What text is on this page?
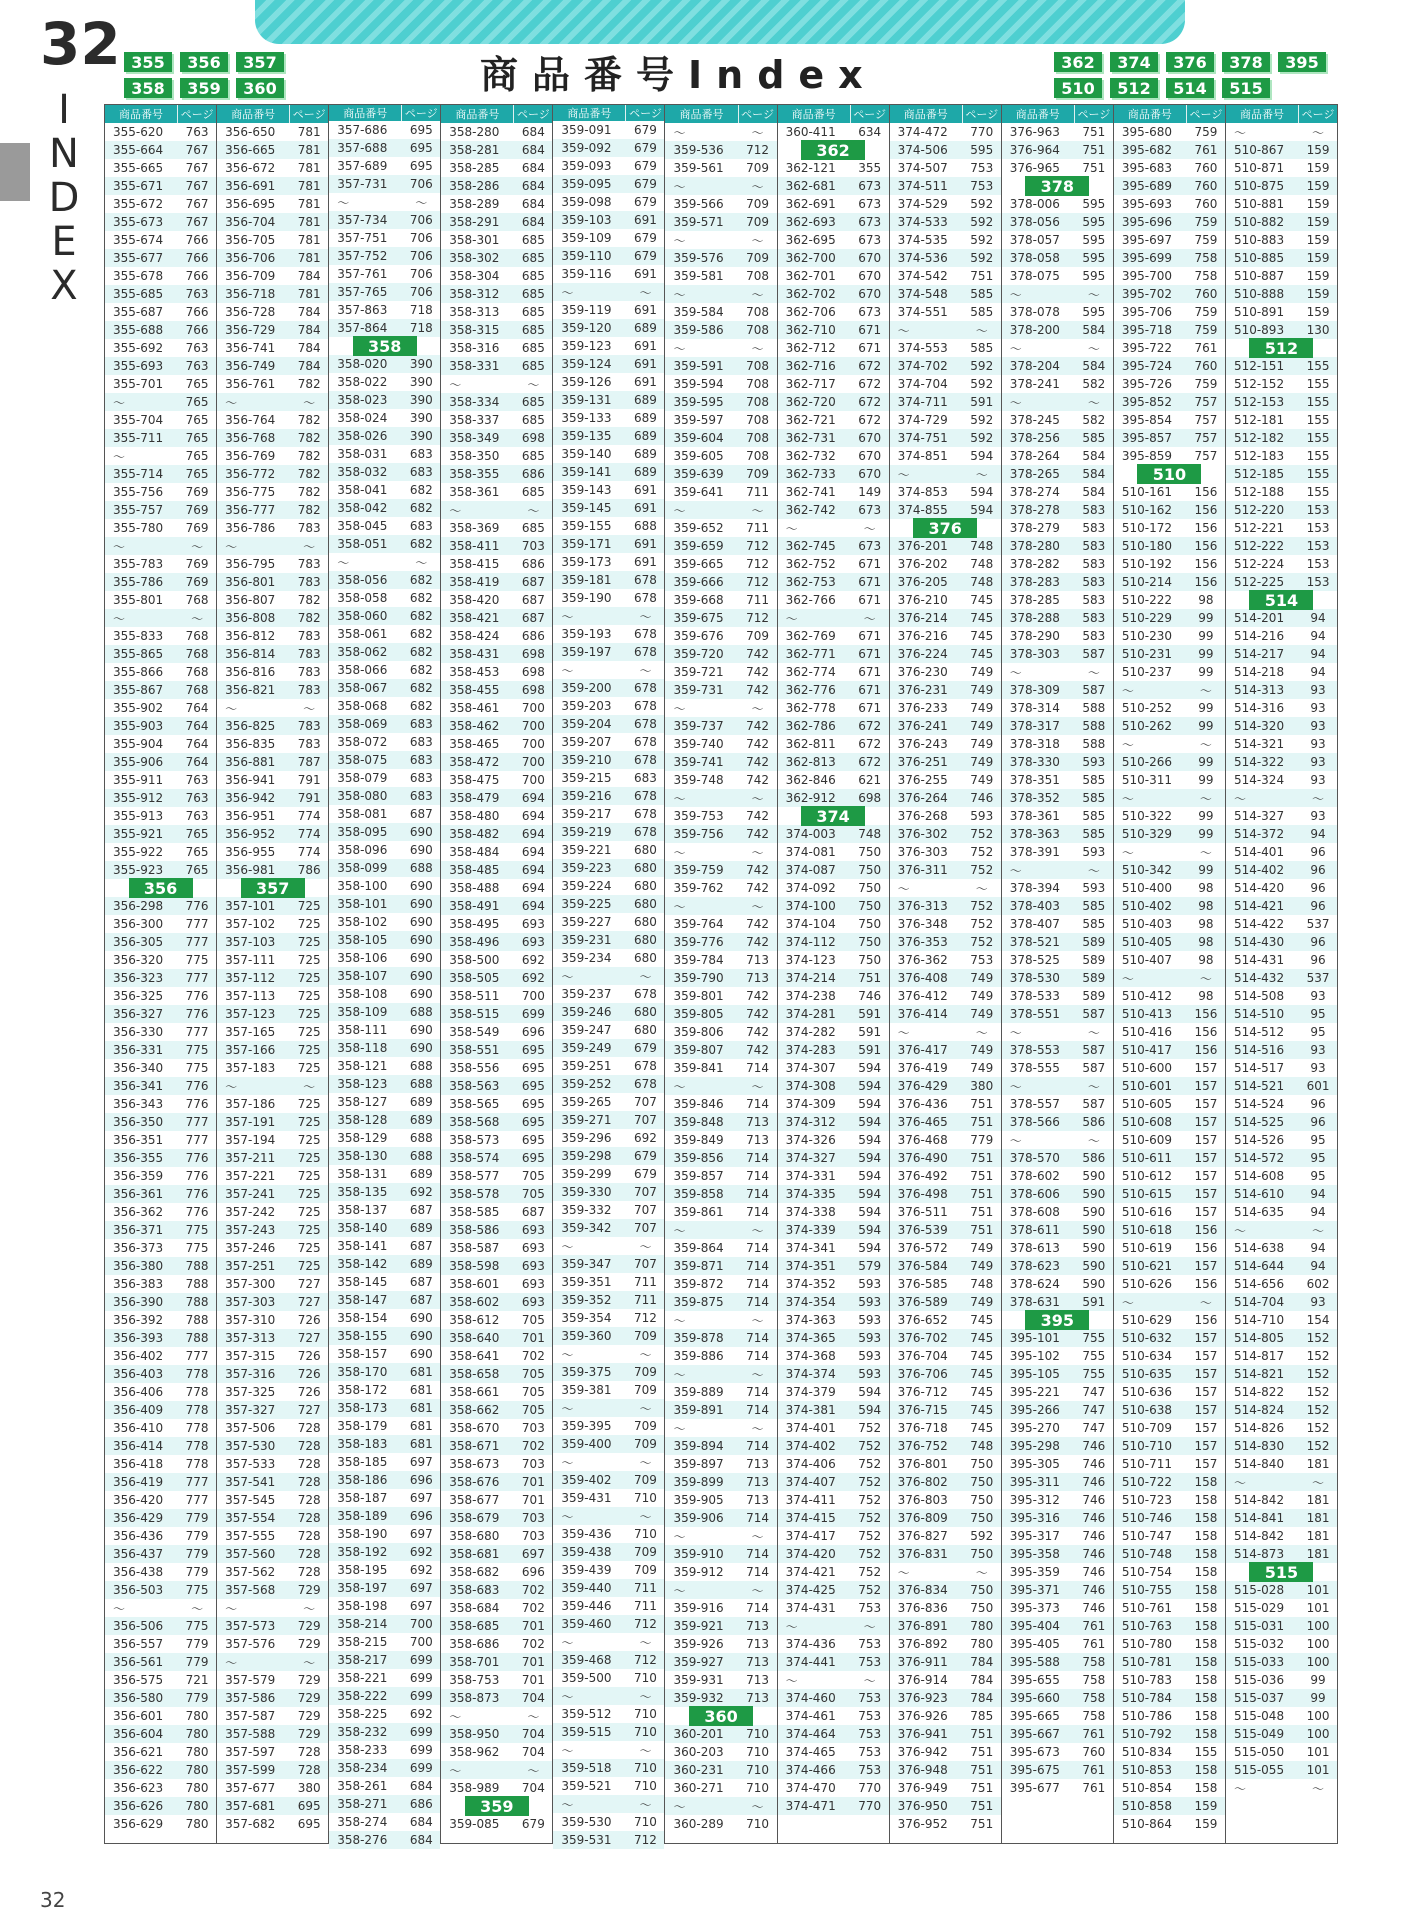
32
I
N
D
E
X
商品番号Index
355	356	357
358	359	360
362	374	376	378	395
510	512	514	515
商品番号	ページ
355-620	763
355-664	767
355-665	767
355-671	767
355-672	767
355-673	767
355-674	766
355-677	766
355-678	766
355-685	763
355-687	766
355-688	766
355-692	763
355-693	763
355-701	765
〜	765
355-704	765
355-711	765
〜	765
355-714	765
355-756	769
355-757	769
355-780	769
〜	〜
355-783	769
355-786	769
355-801	768
〜	〜
355-833	768
355-865	768
355-866	768
355-867	768
355-902	764
355-903	764
355-904	764
355-906	764
355-911	763
355-912	763
355-913	763
355-921	765
355-922	765
355-923	765
356
356-298	776
356-300	777
356-305	777
356-320	775
356-323	777
356-325	776
356-327	776
356-330	777
356-331	775
356-340	775
356-341	776
356-343	776
356-350	777
356-351	777
356-355	776
356-359	776
356-361	776
356-362	776
356-371	775
356-373	775
356-380	788
356-383	788
356-390	788
356-392	788
356-393	788
356-402	777
356-403	778
356-406	778
356-409	778
356-410	778
356-414	778
356-418	778
356-419	777
356-420	777
356-429	779
356-436	779
356-437	779
356-438	779
356-503	775
〜	〜
356-506	775
356-557	779
356-561	779
356-575	721
356-580	779
356-601	780
356-604	780
356-621	780
356-622	780
356-623	780
356-626	780
356-629	780
商品番号	ページ
356-650	781
356-665	781
356-672	781
356-691	781
356-695	781
356-704	781
356-705	781
356-706	781
356-709	784
356-718	781
356-728	784
356-729	784
356-741	784
356-749	784
356-761	782
〜	〜
356-764	782
356-768	782
356-769	782
356-772	782
356-775	782
356-777	782
356-786	783
〜	〜
356-795	783
356-801	783
356-807	782
356-808	782
356-812	783
356-814	783
356-816	783
356-821	783
〜	〜
356-825	783
356-835	783
356-881	787
356-941	791
356-942	791
356-951	774
356-952	774
356-955	774
356-981	786
357
357-101	725
357-102	725
357-103	725
357-111	725
357-112	725
357-113	725
357-123	725
357-165	725
357-166	725
357-183	725
〜	〜
357-186	725
357-191	725
357-194	725
357-211	725
357-221	725
357-241	725
357-242	725
357-243	725
357-246	725
357-251	725
357-300	727
357-303	727
357-310	726
357-313	727
357-315	726
357-316	726
357-325	726
357-327	727
357-506	728
357-530	728
357-533	728
357-541	728
357-545	728
357-554	728
357-555	728
357-560	728
357-562	728
357-568	729
〜	〜
357-573	729
357-576	729
〜	〜
357-579	729
357-586	729
357-587	729
357-588	729
357-597	728
357-599	728
357-677	380
357-681	695
357-682	695
商品番号	ページ
357-686	695
357-688	695
357-689	695
357-731	706
〜	〜
357-734	706
357-751	706
357-752	706
357-761	706
357-765	706
357-863	718
357-864	718
358
358-020	390
358-022	390
358-023	390
358-024	390
358-026	390
358-031	683
358-032	683
358-041	682
358-042	682
358-045	683
358-051	682
〜	〜
358-056	682
358-058	682
358-060	682
358-061	682
358-062	682
358-066	682
358-067	682
358-068	682
358-069	683
358-072	683
358-075	683
358-079	683
358-080	683
358-081	687
358-095	690
358-096	690
358-099	688
358-100	690
358-101	690
358-102	690
358-105	690
358-106	690
358-107	690
358-108	690
358-109	688
358-111	690
358-118	690
358-121	688
358-123	688
358-127	689
358-128	689
358-129	688
358-130	688
358-131	689
358-135	692
358-137	687
358-140	689
358-141	687
358-142	689
358-145	687
358-147	687
358-154	690
358-155	690
358-157	690
358-170	681
358-172	681
358-173	681
358-179	681
358-183	681
358-185	697
358-186	696
358-187	697
358-189	696
358-190	697
358-192	692
358-195	692
358-197	697
358-198	697
358-214	700
358-215	700
358-217	699
358-221	699
358-222	699
358-225	692
358-232	699
358-233	699
358-234	699
358-261	684
358-271	686
358-274	684
358-276	684
商品番号	ページ
358-280	684
358-281	684
358-285	684
358-286	684
358-289	684
358-291	684
358-301	685
358-302	685
358-304	685
358-312	685
358-313	685
358-315	685
358-316	685
358-331	685
〜	〜
358-334	685
358-337	685
358-349	698
358-350	685
358-355	686
358-361	685
〜	〜
358-369	685
358-411	703
358-415	686
358-419	687
358-420	687
358-421	687
358-424	686
358-431	698
358-453	698
358-455	698
358-461	700
358-462	700
358-465	700
358-472	700
358-475	700
358-479	694
358-480	694
358-482	694
358-484	694
358-485	694
358-488	694
358-491	694
358-495	693
358-496	693
358-500	692
358-505	692
358-511	700
358-515	699
358-549	696
358-551	695
358-556	695
358-563	695
358-565	695
358-568	695
358-573	695
358-574	695
358-577	705
358-578	705
358-585	687
358-586	693
358-587	693
358-598	693
358-601	693
358-602	693
358-612	705
358-640	701
358-641	702
358-658	705
358-661	705
358-662	705
358-670	703
358-671	702
358-673	703
358-676	701
358-677	701
358-679	703
358-680	703
358-681	697
358-682	696
358-683	702
358-684	702
358-685	701
358-686	702
358-701	701
358-753	701
358-873	704
〜	〜
358-950	704
358-962	704
〜	〜
358-989	704
359
359-085	679
商品番号	ページ
359-091	679
359-092	679
359-093	679
359-095	679
359-098	679
359-103	691
359-109	679
359-110	679
359-116	691
〜	〜
359-119	691
359-120	689
359-123	691
359-124	691
359-126	691
359-131	689
359-133	689
359-135	689
359-140	689
359-141	689
359-143	691
359-145	691
359-155	688
359-171	691
359-173	691
359-181	678
359-190	678
〜	〜
359-193	678
359-197	678
〜	〜
359-200	678
359-203	678
359-204	678
359-207	678
359-210	678
359-215	683
359-216	678
359-217	678
359-219	678
359-221	680
359-223	680
359-224	680
359-225	680
359-227	680
359-231	680
359-234	680
〜	〜
359-237	678
359-246	680
359-247	680
359-249	679
359-251	678
359-252	678
359-265	707
359-271	707
359-296	692
359-298	679
359-299	679
359-330	707
359-332	707
359-342	707
〜	〜
359-347	707
359-351	711
359-352	711
359-354	712
359-360	709
〜	〜
359-375	709
359-381	709
〜	〜
359-395	709
359-400	709
〜	〜
359-402	709
359-431	710
〜	〜
359-436	710
359-438	709
359-439	709
359-440	711
359-446	711
359-460	712
〜	〜
359-468	712
359-500	710
〜	〜
359-512	710
359-515	710
〜	〜
359-518	710
359-521	710
〜	〜
359-530	710
359-531	712
商品番号	ページ
〜	〜
359-536	712
359-561	709
〜	〜
359-566	709
359-571	709
〜	〜
359-576	709
359-581	708
〜	〜
359-584	708
359-586	708
〜	〜
359-591	708
359-594	708
359-595	708
359-597	708
359-604	708
359-605	708
359-639	709
359-641	711
〜	〜
359-652	711
359-659	712
359-665	712
359-666	712
359-668	711
359-675	712
359-676	709
359-720	742
359-721	742
359-731	742
〜	〜
359-737	742
359-740	742
359-741	742
359-748	742
〜	〜
359-753	742
359-756	742
〜	〜
359-759	742
359-762	742
〜	〜
359-764	742
359-776	742
359-784	713
359-790	713
359-801	742
359-805	742
359-806	742
359-807	742
359-841	714
〜	〜
359-846	714
359-848	713
359-849	713
359-856	714
359-857	714
359-858	714
359-861	714
〜	〜
359-864	714
359-871	714
359-872	714
359-875	714
〜	〜
359-878	714
359-886	714
〜	〜
359-889	714
359-891	714
〜	〜
359-894	714
359-897	713
359-899	713
359-905	713
359-906	714
〜	〜
359-910	714
359-912	714
〜	〜
359-916	714
359-921	713
359-926	713
359-927	713
359-931	713
359-932	713
360
360-201	710
360-203	710
360-231	710
360-271	710
〜	〜
360-289	710
商品番号	ページ
360-411	634
362
362-121	355
362-681	673
362-691	673
362-693	673
362-695	673
362-700	670
362-701	670
362-702	670
362-706	673
362-710	671
362-712	671
362-716	672
362-717	672
362-720	672
362-721	672
362-731	670
362-732	670
362-733	670
362-741	149
362-742	673
〜	〜
362-745	673
362-752	671
362-753	671
362-766	671
〜	〜
362-769	671
362-771	671
362-774	671
362-776	671
362-778	671
362-786	672
362-811	672
362-813	672
362-846	621
362-912	698
374
374-003	748
374-081	750
374-087	750
374-092	750
374-100	750
374-104	750
374-112	750
374-123	750
374-214	751
374-238	746
374-281	591
374-282	591
374-283	591
374-307	594
374-308	594
374-309	594
374-312	594
374-326	594
374-327	594
374-331	594
374-335	594
374-338	594
374-339	594
374-341	594
374-351	579
374-352	593
374-354	593
374-363	593
374-365	593
374-368	593
374-374	593
374-379	594
374-381	594
374-401	752
374-402	752
374-406	752
374-407	752
374-411	752
374-415	752
374-417	752
374-420	752
374-421	752
374-425	752
374-431	753
〜	〜
374-436	753
374-441	753
〜	〜
374-460	753
374-461	753
374-464	753
374-465	753
374-466	753
374-470	770
374-471	770
商品番号	ページ
374-472	770
374-506	595
374-507	753
374-511	753
374-529	592
374-533	592
374-535	592
374-536	592
374-542	751
374-548	585
374-551	585
〜	〜
374-553	585
374-702	592
374-704	592
374-711	591
374-729	592
374-751	592
374-851	594
〜	〜
374-853	594
374-855	594
376
376-201	748
376-202	748
376-205	748
376-210	745
376-214	745
376-216	745
376-224	745
376-230	749
376-231	749
376-233	749
376-241	749
376-243	749
376-251	749
376-255	749
376-264	746
376-268	593
376-302	752
376-303	752
376-311	752
〜	〜
376-313	752
376-348	752
376-353	752
376-362	753
376-408	749
376-412	749
376-414	749
〜	〜
376-417	749
376-419	749
376-429	380
376-436	751
376-465	751
376-468	779
376-490	751
376-492	751
376-498	751
376-511	751
376-539	751
376-572	749
376-584	749
376-585	748
376-589	749
376-652	745
376-702	745
376-704	745
376-706	745
376-712	745
376-715	745
376-718	745
376-752	748
376-801	750
376-802	750
376-803	750
376-809	750
376-827	592
376-831	750
〜	〜
376-834	750
376-836	750
376-891	780
376-892	780
376-911	784
376-914	784
376-923	784
376-926	785
376-941	751
376-942	751
376-948	751
376-949	751
376-950	751
376-952	751
商品番号	ページ
376-963	751
376-964	751
376-965	751
378
378-006	595
378-056	595
378-057	595
378-058	595
378-075	595
〜	〜
378-078	595
378-200	584
〜	〜
378-204	584
378-241	582
〜	〜
378-245	582
378-256	585
378-264	584
378-265	584
378-274	584
378-278	583
378-279	583
378-280	583
378-282	583
378-283	583
378-285	583
378-288	583
378-290	583
378-303	587
〜	〜
378-309	587
378-314	588
378-317	588
378-318	588
378-330	593
378-351	585
378-352	585
378-361	585
378-363	585
378-391	593
〜	〜
378-394	593
378-403	585
378-407	585
378-521	589
378-525	589
378-530	589
378-533	589
378-551	587
〜	〜
378-553	587
378-555	587
〜	〜
378-557	587
378-566	586
〜	〜
378-570	586
378-602	590
378-606	590
378-608	590
378-611	590
378-613	590
378-623	590
378-624	590
378-631	591
395
395-101	755
395-102	755
395-105	755
395-221	747
395-266	747
395-270	747
395-298	746
395-305	746
395-311	746
395-312	746
395-316	746
395-317	746
395-358	746
395-359	746
395-371	746
395-373	746
395-404	761
395-405	761
395-588	758
395-655	758
395-660	758
395-665	758
395-667	761
395-673	760
395-675	761
395-677	761
商品番号	ページ
395-680	759
395-682	761
395-683	760
395-689	760
395-693	760
395-696	759
395-697	759
395-699	758
395-700	758
395-702	760
395-706	759
395-718	759
395-722	761
395-724	760
395-726	759
395-852	757
395-854	757
395-857	757
395-859	757
510
510-161	156
510-162	156
510-172	156
510-180	156
510-192	156
510-214	156
510-222	98
510-229	99
510-230	99
510-231	99
510-237	99
〜	〜
510-252	99
510-262	99
〜	〜
510-266	99
510-311	99
〜	〜
510-322	99
510-329	99
〜	〜
510-342	99
510-400	98
510-402	98
510-403	98
510-405	98
510-407	98
〜	〜
510-412	98
510-413	156
510-416	156
510-417	156
510-600	157
510-601	157
510-605	157
510-608	157
510-609	157
510-611	157
510-612	157
510-615	157
510-616	157
510-618	156
510-619	156
510-621	157
510-626	156
〜	〜
510-629	156
510-632	157
510-634	157
510-635	157
510-636	157
510-638	157
510-709	157
510-710	157
510-711	157
510-722	158
510-723	158
510-746	158
510-747	158
510-748	158
510-754	158
510-755	158
510-761	158
510-763	158
510-780	158
510-781	158
510-783	158
510-784	158
510-786	158
510-792	158
510-834	155
510-853	158
510-854	158
510-858	159
510-864	159
商品番号	ページ
〜	〜
510-867	159
510-871	159
510-875	159
510-881	159
510-882	159
510-883	159
510-885	159
510-887	159
510-888	159
510-891	159
510-893	130
512
512-151	155
512-152	155
512-153	155
512-181	155
512-182	155
512-183	155
512-185	155
512-188	155
512-220	153
512-221	153
512-222	153
512-224	153
512-225	153
514
514-201	94
514-216	94
514-217	94
514-218	94
514-313	93
514-316	93
514-320	93
514-321	93
514-322	93
514-324	93
〜	〜
514-327	93
514-372	94
514-401	96
514-402	96
514-420	96
514-421	96
514-422	537
514-430	96
514-431	96
514-432	537
514-508	93
514-510	95
514-512	95
514-516	93
514-517	93
514-521	601
514-524	96
514-525	96
514-526	95
514-572	95
514-608	95
514-610	94
514-635	94
〜	〜
514-638	94
514-644	94
514-656	602
514-704	93
514-710	154
514-805	152
514-817	152
514-821	152
514-822	152
514-824	152
514-826	152
514-830	152
514-840	181
〜	〜
514-842	181
514-841	181
514-842	181
514-873	181
515
515-028	101
515-029	101
515-031	100
515-032	100
515-033	100
515-036	99
515-037	99
515-048	100
515-049	100
515-050	101
515-055	101
〜	〜
32
